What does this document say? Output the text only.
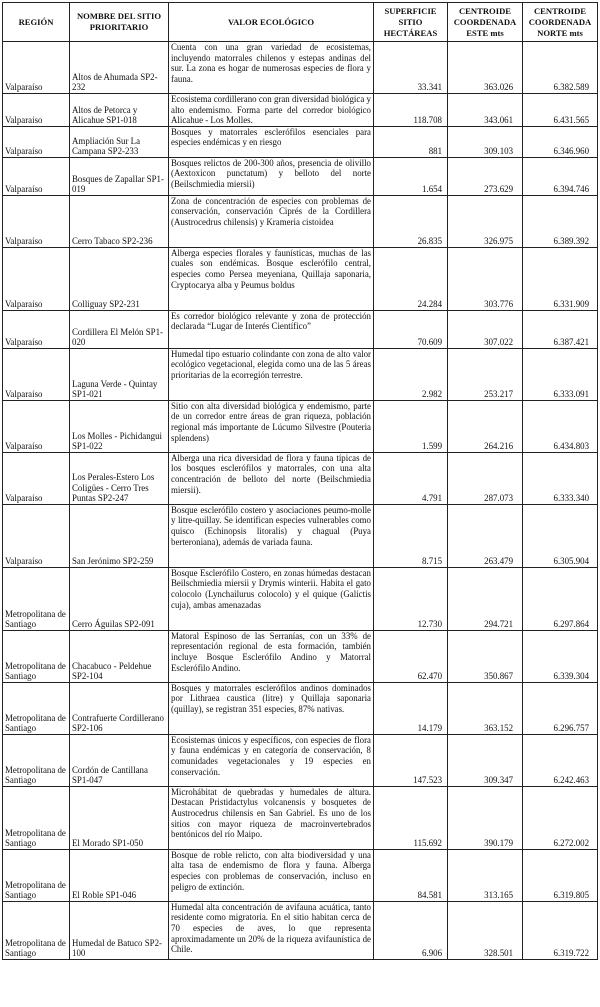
REGIÓN	NOMBRE DEL SITIO PRIORITARIO	VALOR ECOLÓGICO	SUPERFICIE SITIO HECTÁREAS	CENTROIDE COORDENADA ESTE mts	CENTROIDE COORDENADA NORTE mts
Valparaíso	Altos de Ahumada SP2-232	Cuenta con una gran variedad de ecosistemas, incluyendo matorrales chilenos y estepas andinas del sur. La zona es hogar de numerosas especies de flora y fauna.	33.341	363.026	6.382.589
Valparaíso	Altos de Petorca y Alicahue SP1-018	Ecosistema cordillerano con gran diversidad biológica y alto endemismo. Forma parte del corredor biológico Alicahue - Los Molles.	118.708	343.061	6.431.565
Valparaíso	Ampliación Sur La Campana SP2-233	Bosques y matorrales esclerófilos esenciales para especies endémicas y en riesgo	881	309.103	6.346.960
Valparaíso	Bosques de Zapallar SP1-019	Bosques relictos de 200-300 años, presencia de olivillo (Aextoxicon punctatum) y belloto del norte (Beilschmiedia miersii)	1.654	273.629	6.394.746
Valparaíso	Cerro Tabaco SP2-236	Zona de concentración de especies con problemas de conservación, conservación Ciprés de la Cordillera (Austrocedrus chilensis) y Krameria cistoidea	26.835	326.975	6.389.392
Valparaíso	Colliguay SP2-231	Alberga especies florales y faunísticas, muchas de las cuales son endémicas. Bosque esclerófilo central, especies como Persea meyeniana, Quillaja saponaria, Cryptocarya alba y Peumus boldus	24.284	303.776	6.331.909
Valparaíso	Cordillera El Melón SP1-020	Es corredor biológico relevante y zona de protección declarada “Lugar de Interés Científico”	70.609	307.022	6.387.421
Valparaíso	Laguna Verde - Quintay SP1-021	Humedal tipo estuario colindante con zona de alto valor ecológico vegetacional, elegida como una de las 5 áreas prioritarias de la ecorregión terrestre.	2.982	253.217	6.333.091
Valparaíso	Los Molles - Pichidangui SP1-022	Sitio con alta diversidad biológica y endemismo, parte de un corredor entre áreas de gran riqueza, población regional más importante de Lúcumo Silvestre (Pouteria splendens)	1.599	264.216	6.434.803
Valparaíso	Los Perales-Estero Los Coligües - Cerro Tres Puntas SP2-247	Alberga una rica diversidad de flora y fauna típicas de los bosques esclerófilos y matorrales, con una alta concentración de belloto del norte (Beilschmiedia miersii).	4.791	287.073	6.333.340
Valparaíso	San Jerónimo SP2-259	Bosque esclerófilo costero y asociaciones peumo-molle y litre-quillay. Se identifican especies vulnerables como quisco (Echinopsis litoralis) y chagual (Puya berteroniana), además de variada fauna.	8.715	263.479	6.305.904
Metropolitana de Santiago	Cerro Águilas SP2-091	Bosque Esclerófilo Costero, en zonas húmedas destacan Beilschmiedia miersii y Drymis winterii. Habita el gato colocolo (Lynchailurus colocolo) y el quique (Galictis cuja), ambas amenazadas	12.730	294.721	6.297.864
Metropolitana de Santiago	Chacabuco - Peldehue SP2-104	Matoral Espinoso de las Serranías, con un 33% de representación regional de esta formación, también incluye Bosque Esclerófilo Andino y Matorral Esclerófilo Andino.	62.470	350.867	6.339.304
Metropolitana de Santiago	Contrafuerte Cordillerano SP2-106	Bosques y matorrales esclerófilos andinos dominados por Lithraea caustica (litre) y Quillaja saponaria (quillay), se registran 351 especies, 87% nativas.	14.179	363.152	6.296.757
Metropolitana de Santiago	Cordón de Cantillana SP1-047	Ecosistemas únicos y específicos, con especies de flora y fauna endémicas y en categoría de conservación, 8 comunidades vegetacionales y 19 especies en conservación.	147.523	309.347	6.242.463
Metropolitana de Santiago	El Morado SP1-050	Microhábitat de quebradas y humedales de altura. Destacan Pristidactylus volcanensis y bosquetes de Austrocedrus chilensis en San Gabriel. Es uno de los sitios con mayor riqueza de macroinvertebrados bentónicos del río Maipo.	115.692	390.179	6.272.002
Metropolitana de Santiago	El Roble SP1-046	Bosque de roble relicto, con alta biodiversidad y una alta tasa de endemismo de flora y fauna. Alberga especies con problemas de conservación, incluso en peligro de extinción.	84.581	313.165	6.319.805
Metropolitana de Santiago	Humedal de Batuco SP2-100	Humedal alta concentración de avifauna acuática, tanto residente como migratoria. En el sitio habitan cerca de 70 especies de aves, lo que representa aproximadamente un 20% de la riqueza avifaunística de Chile.	6.906	328.501	6.319.722
